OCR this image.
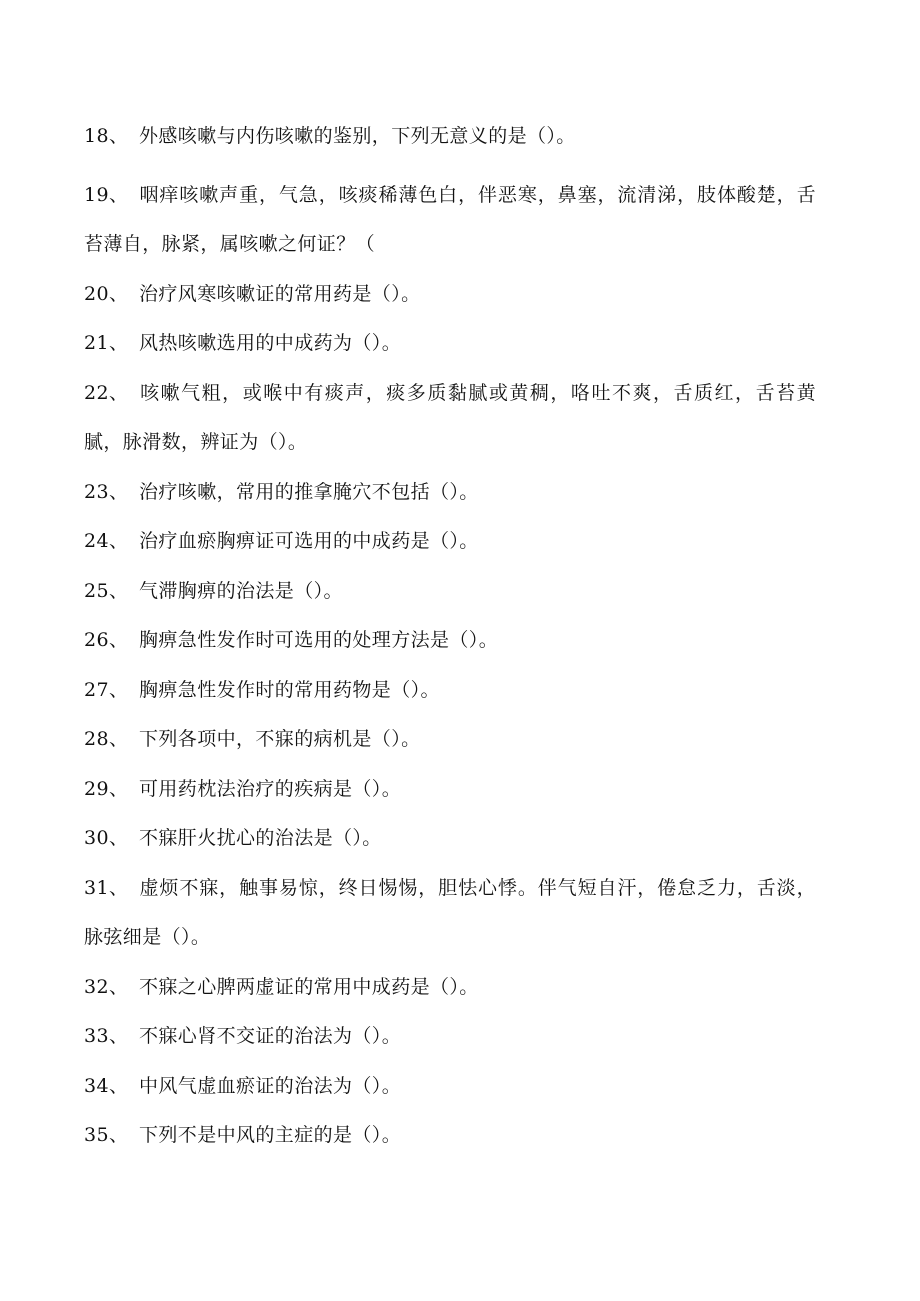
18、 外感咳嗽与内伤咳嗽的鉴别，下列无意义的是（）。

19、 咽痒咳嗽声重，气急，咳痰稀薄色白，伴恶寒，鼻塞，流清涕，肢体酸楚，舌苔薄自，脉紧，属咳嗽之何证？（

20、 治疗风寒咳嗽证的常用药是（）。

21、 风热咳嗽选用的中成药为（）。

22、 咳嗽气粗，或喉中有痰声，痰多质黏腻或黄稠，咯吐不爽，舌质红，舌苔黄腻，脉滑数，辨证为（）。

23、 治疗咳嗽，常用的推拿腌穴不包括（）。

24、 治疗血瘀胸痹证可选用的中成药是（）。

25、 气滞胸痹的治法是（）。

26、 胸痹急性发作时可选用的处理方法是（）。

27、 胸痹急性发作时的常用药物是（）。

28、 下列各项中，不寐的病机是（）。

29、 可用药枕法治疗的疾病是（）。

30、 不寐肝火扰心的治法是（）。

31、 虚烦不寐，触事易惊，终日惕惕，胆怯心悸。伴气短自汗，倦怠乏力，舌淡，脉弦细是（）。

32、 不寐之心脾两虚证的常用中成药是（）。

33、 不寐心肾不交证的治法为（）。

34、 中风气虚血瘀证的治法为（）。

35、 下列不是中风的主症的是（）。
